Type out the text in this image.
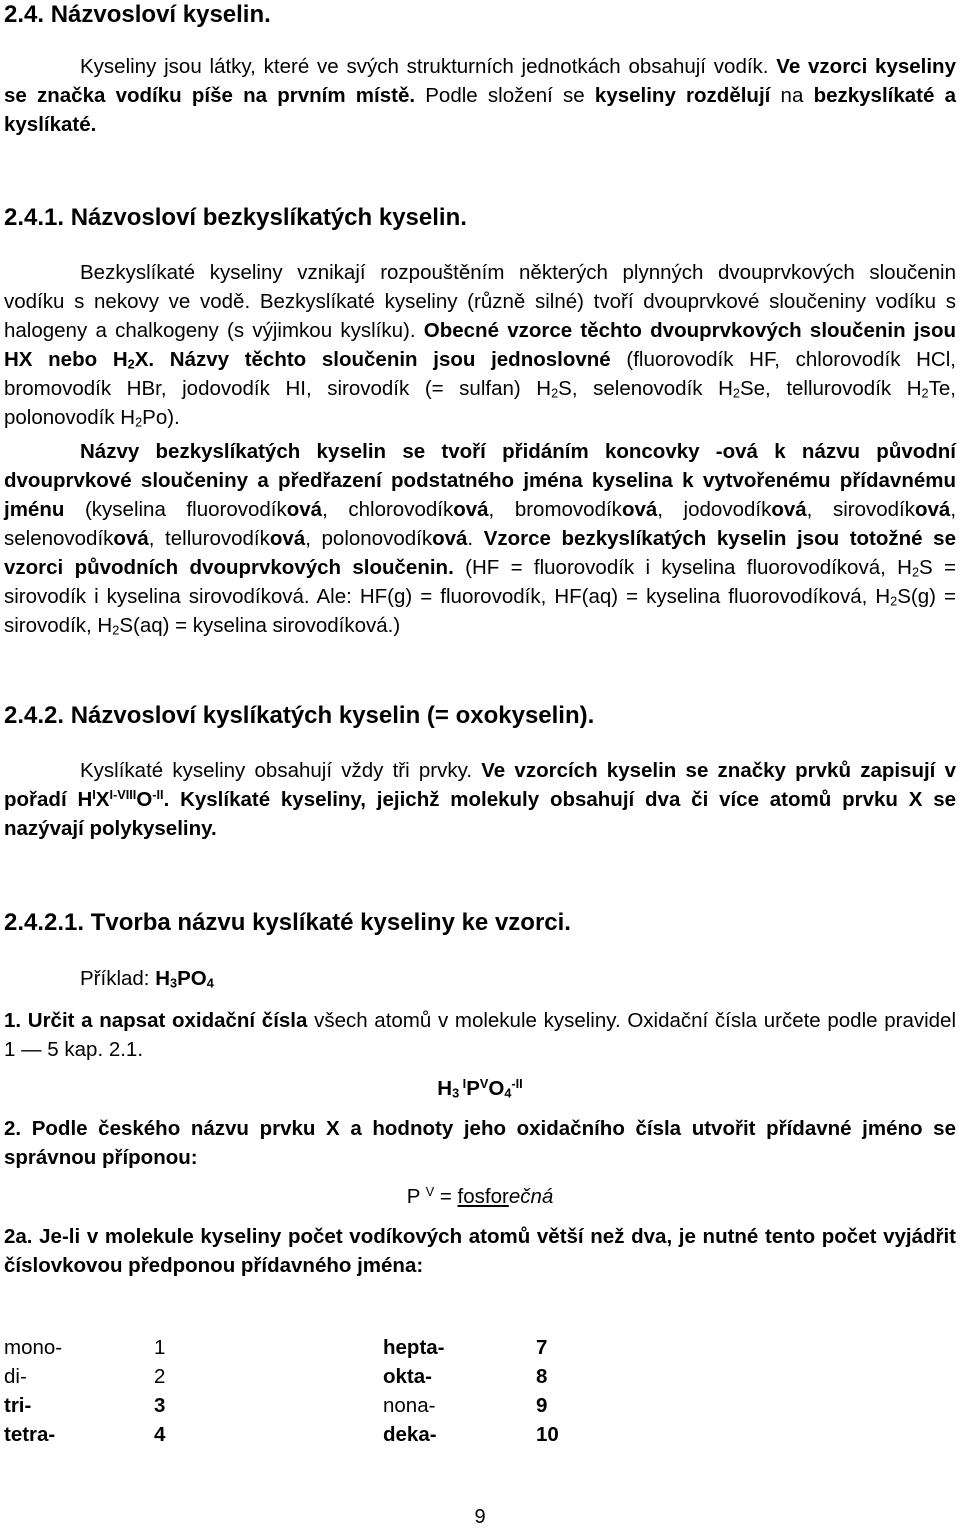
2.4. Názvosloví kyselin.

Kyseliny jsou látky, které ve svých strukturních jednotkách obsahují vodík. Ve vzorci kyseliny se značka vodíku píše na prvním místě. Podle složení se kyseliny rozdělují na bezkyslíkaté a kyslíkaté.

2.4.1. Názvosloví bezkyslíkatých kyselin.

Bezkyslíkaté kyseliny vznikají rozpouštěním některých plynných dvouprvkových sloučenin vodíku s nekovy ve vodě. Bezkyslíkaté kyseliny (různě silné) tvoří dvouprvkové sloučeniny vodíku s halogeny a chalkogeny (s výjimkou kyslíku). Obecné vzorce těchto dvouprvkových sloučenin jsou HX nebo $H_2X$. Názvy těchto sloučenin jsou jednoslovné (fluorovodík HF, chlorovodík HCl, bromovodík HBr, jodovodík HI, sirovodík (= sulfan) $H_2S$, selenovodík $H_2Se$, tellurovodík $H_2Te$, polonovodík $H_2Po$).

Názvy bezkyslíkatých kyselin se tvoří přidáním koncovky -ová k názvu původní dvouprvkové sloučeniny a předřazení podstatného jména kyselina k vytvořenému přídavnému jménu (kyselina fluorovodíková, chlorovodíková, bromovodíková, jodovodíková, sirovodíková, selenovodíková, tellurovodíková, polonovodíková. Vzorce bezkyslíkatých kyselin jsou totožné se vzorci původních dvouprvkových sloučenin. (HF = fluorovodík i kyselina fluorovodíková, $H_2S$ = sirovodík i kyselina sirovodíková. Ale: HF(g) = fluorovodík, HF(aq) = kyselina fluorovodíková, $H_2S(g)$ = sirovodík, $H_2S(aq)$ = kyselina sirovodíková.)

2.4.2. Názvosloví kyslíkatých kyselin (= oxokyselin).

Kyslíkaté kyseliny obsahují vždy tři prvky. Ve vzorcích kyselin se značky prvků zapisují v pořadí $H^IX^{I-VIII}O^{-II}$. Kyslíkaté kyseliny, jejichž molekuly obsahují dva či více atomů prvku X se nazývají polykyseliny.

2.4.2.1. Tvorba názvu kyslíkaté kyseliny ke vzorci.

Příklad: $H_3PO_4$

1. Určit a napsat oxidační čísla všech atomů v molekule kyseliny. Oxidační čísla určete podle pravidel 1 — 5 kap. 2.1.

$H_3$ $^IP^VO_4^{-II}$

2. Podle českého názvu prvku X a hodnoty jeho oxidačního čísla utvořit přídavné jméno se správnou příponou:

P $^V$ = fosforečná

2a. Je-li v molekule kyseliny počet vodíkových atomů větší než dva, je nutné tento počet vyjádřit číslovkovou předponou přídavného jména:

mono-	1	hepta-	7
di-	2	okta-	8
tri-	3	nona-	9
tetra-	4	deka-	10
9
